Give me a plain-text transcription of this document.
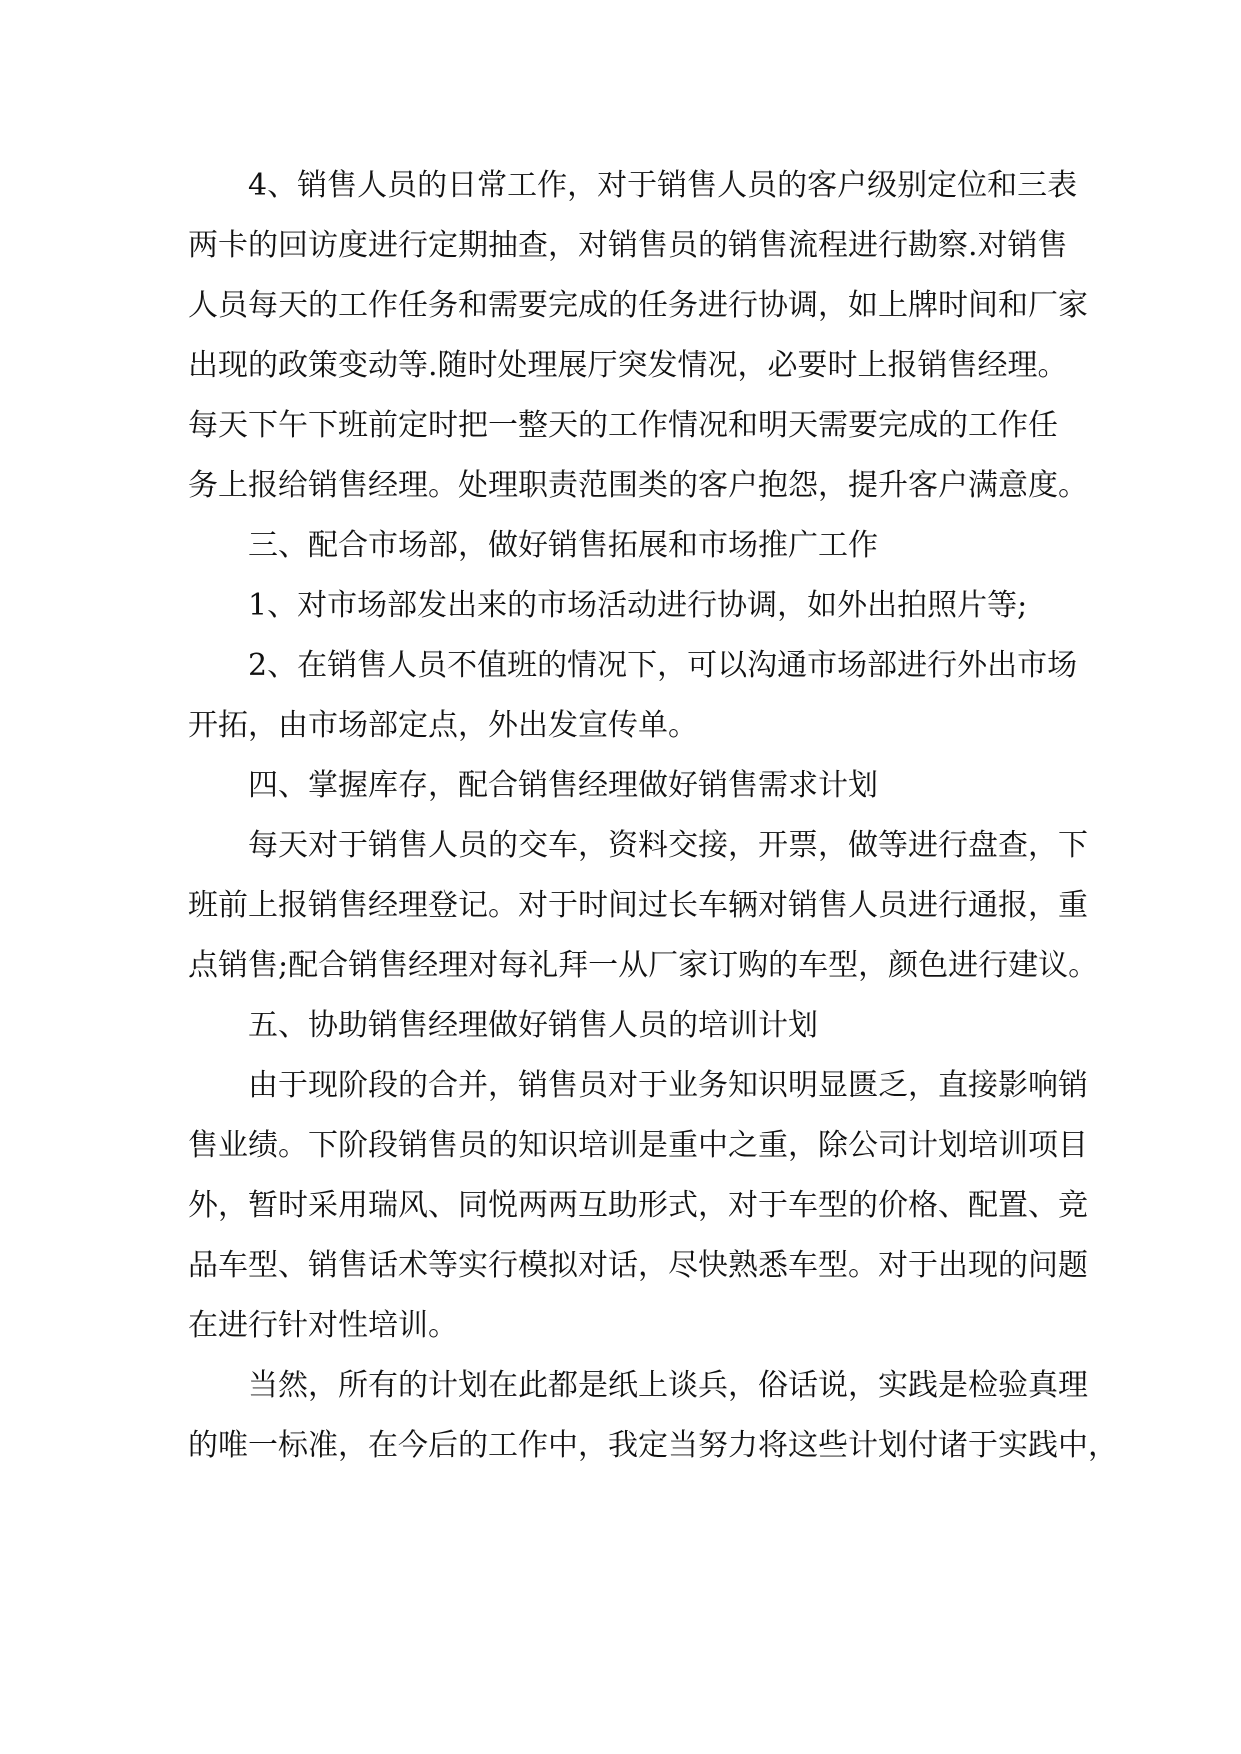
4、销售人员的日常工作，对于销售人员的客户级别定位和三表
两卡的回访度进行定期抽查，对销售员的销售流程进行勘察.对销售
人员每天的工作任务和需要完成的任务进行协调，如上牌时间和厂家
出现的政策变动等.随时处理展厅突发情况，必要时上报销售经理。
每天下午下班前定时把一整天的工作情况和明天需要完成的工作任
务上报给销售经理。处理职责范围类的客户抱怨，提升客户满意度。
三、配合市场部，做好销售拓展和市场推广工作
1、对市场部发出来的市场活动进行协调，如外出拍照片等;
2、在销售人员不值班的情况下，可以沟通市场部进行外出市场
开拓，由市场部定点，外出发宣传单。
四、掌握库存，配合销售经理做好销售需求计划
每天对于销售人员的交车，资料交接，开票，做等进行盘查，下
班前上报销售经理登记。对于时间过长车辆对销售人员进行通报，重
点销售;配合销售经理对每礼拜一从厂家订购的车型，颜色进行建议。
五、协助销售经理做好销售人员的培训计划
由于现阶段的合并，销售员对于业务知识明显匮乏，直接影响销
售业绩。下阶段销售员的知识培训是重中之重，除公司计划培训项目
外，暂时采用瑞风、同悦两两互助形式，对于车型的价格、配置、竞
品车型、销售话术等实行模拟对话，尽快熟悉车型。对于出现的问题
在进行针对性培训。
当然，所有的计划在此都是纸上谈兵，俗话说，实践是检验真理
的唯一标准，在今后的工作中，我定当努力将这些计划付诸于实践中，
